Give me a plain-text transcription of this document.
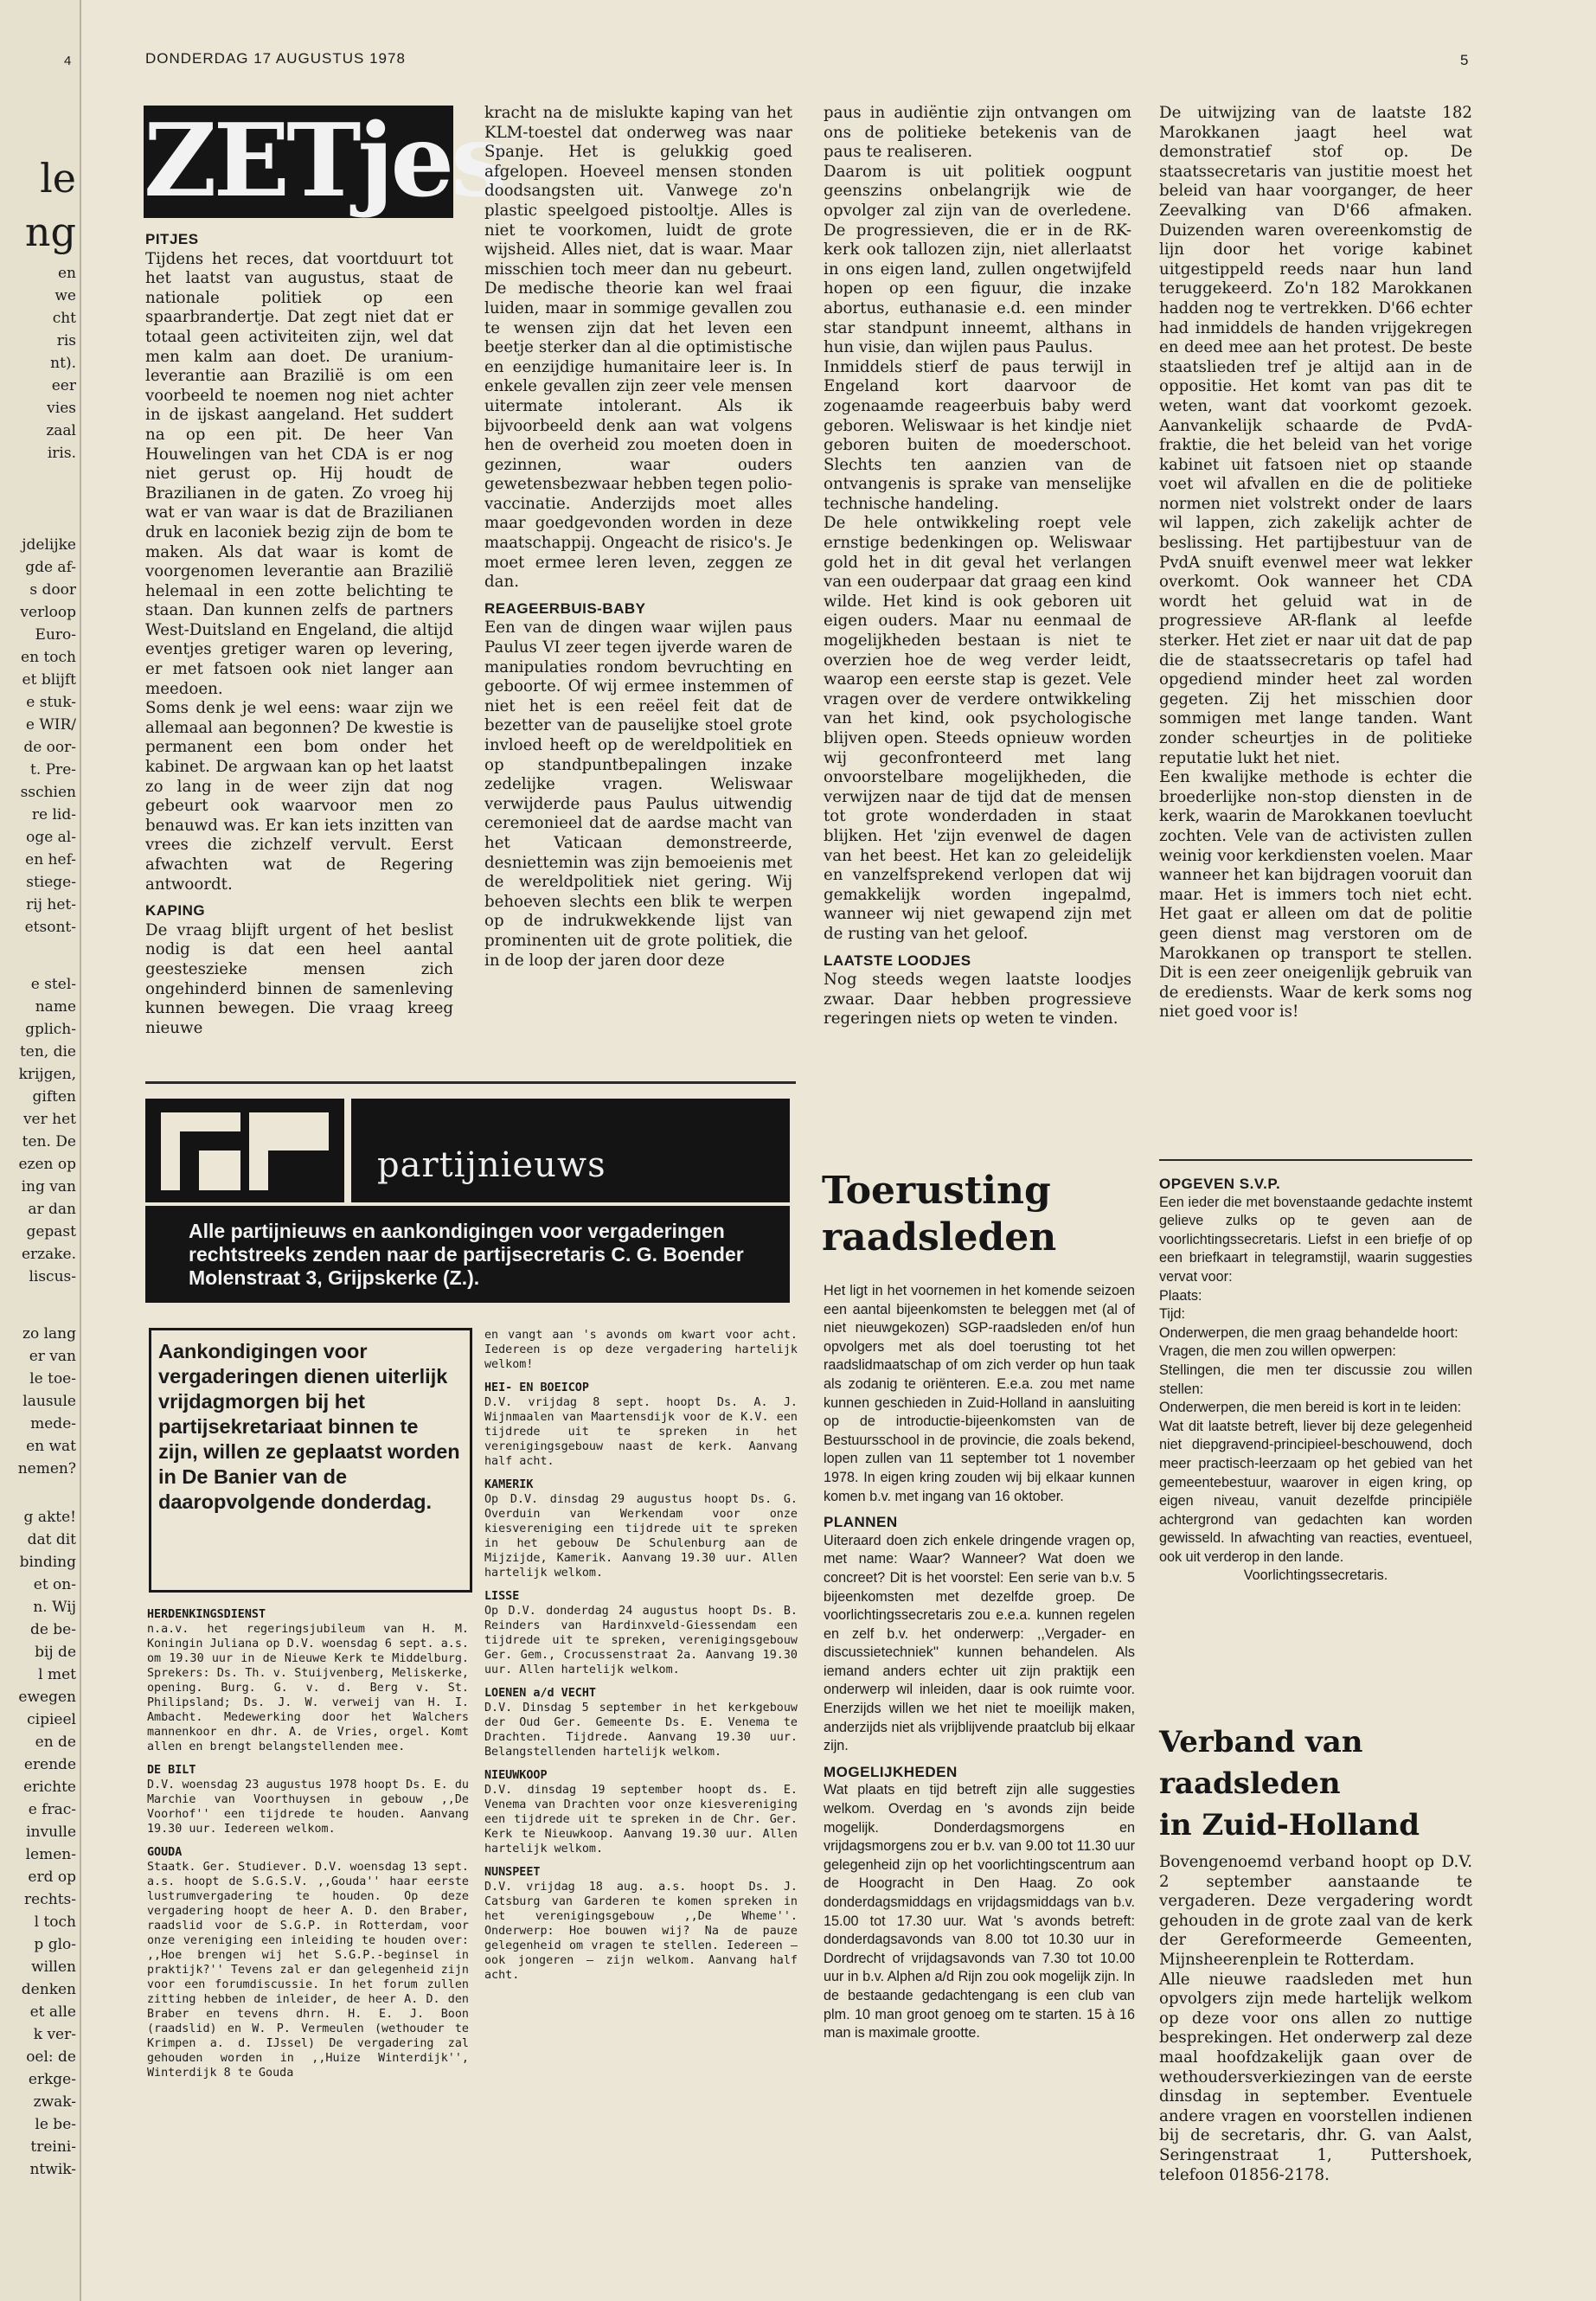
4
le
ng
en
we
cht
ris
nt).
eer
vies
zaal
iris.
jdelijke
gde af-
s door
verloop
Euro-
en toch
et blijft
e stuk-
e WIR/
de oor-
t. Pre-
sschien
re lid-
oge al-
en hef-
stiege-
rij het-
etsont-
e stel-
name
gplich-
ten, die
krijgen,
giften
ver het
ten. De
ezen op
ing van
ar dan
gepast
erzake.
liscus-
zo lang
er van
le toe-
lausule
mede-
en wat
nemen?
g akte!
dat dit
binding
et on-
n. Wij
de be-
bij de
l met
ewegen
cipieel
en de
erende
erichte
e frac-
invulle
lemen-
erd op
rechts-
l toch
p glo-
willen
denken
et alle
k ver-
oel: de
erkge-
zwak-
le be-
treini-
ntwik-
DONDERDAG 17 AUGUSTUS 1978	5
ZETjes
PITJES

Tijdens het reces, dat voortduurt tot het laatst van augustus, staat de nationale politiek op een spaarbrandertje. Dat zegt niet dat er totaal geen activiteiten zijn, wel dat men kalm aan doet. De uranium-leverantie aan Brazilië is om een voorbeeld te noemen nog niet achter in de ijskast aangeland. Het suddert na op een pit. De heer Van Houwelingen van het CDA is er nog niet gerust op. Hij houdt de Brazilianen in de gaten. Zo vroeg hij wat er van waar is dat de Brazilianen druk en laconiek bezig zijn de bom te maken. Als dat waar is komt de voorgenomen leverantie aan Brazilië helemaal in een zotte belichting te staan. Dan kunnen zelfs de partners West-Duitsland en Engeland, die altijd eventjes gretiger waren op levering, er met fatsoen ook niet langer aan meedoen.

Soms denk je wel eens: waar zijn we allemaal aan begonnen? De kwestie is permanent een bom onder het kabinet. De argwaan kan op het laatst zo lang in de weer zijn dat nog gebeurt ook waarvoor men zo benauwd was. Er kan iets inzitten van vrees die zichzelf vervult. Eerst afwachten wat de Regering antwoordt.

KAPING

De vraag blijft urgent of het beslist nodig is dat een heel aantal geesteszieke mensen zich ongehinderd binnen de samenleving kunnen bewegen. Die vraag kreeg nieuwe

kracht na de mislukte kaping van het KLM-toestel dat onderweg was naar Spanje. Het is gelukkig goed afgelopen. Hoeveel mensen stonden doodsangsten uit. Vanwege zo'n plastic speelgoed pistooltje. Alles is niet te voorkomen, luidt de grote wijsheid. Alles niet, dat is waar. Maar misschien toch meer dan nu gebeurt. De medische theorie kan wel fraai luiden, maar in sommige gevallen zou te wensen zijn dat het leven een beetje sterker dan al die optimistische en eenzijdige humanitaire leer is. In enkele gevallen zijn zeer vele mensen uitermate intolerant. Als ik bijvoorbeeld denk aan wat volgens hen de overheid zou moeten doen in gezinnen, waar ouders gewetensbezwaar hebben tegen polio-vaccinatie. Anderzijds moet alles maar goedgevonden worden in deze maatschappij. Ongeacht de risico's. Je moet ermee leren leven, zeggen ze dan.

REAGEERBUIS-BABY

Een van de dingen waar wijlen paus Paulus VI zeer tegen ijverde waren de manipulaties rondom bevruchting en geboorte. Of wij ermee instemmen of niet het is een reëel feit dat de bezetter van de pauselijke stoel grote invloed heeft op de wereldpolitiek en op standpuntbepalingen inzake zedelijke vragen. Weliswaar verwijderde paus Paulus uitwendig ceremonieel dat de aardse macht van het Vaticaan demonstreerde, desniettemin was zijn bemoeienis met de wereldpolitiek niet gering. Wij behoeven slechts een blik te werpen op de indrukwekkende lijst van prominenten uit de grote politiek, die in de loop der jaren door deze

paus in audiëntie zijn ontvangen om ons de politieke betekenis van de paus te realiseren.

Daarom is uit politiek oogpunt geenszins onbelangrijk wie de opvolger zal zijn van de overledene. De progressieven, die er in de RK-kerk ook tallozen zijn, niet allerlaatst in ons eigen land, zullen ongetwijfeld hopen op een figuur, die inzake abortus, euthanasie e.d. een minder star standpunt inneemt, althans in hun visie, dan wijlen paus Paulus.

Inmiddels stierf de paus terwijl in Engeland kort daarvoor de zogenaamde reageerbuis baby werd geboren. Weliswaar is het kindje niet geboren buiten de moederschoot. Slechts ten aanzien van de ontvangenis is sprake van menselijke technische handeling.

De hele ontwikkeling roept vele ernstige bedenkingen op. Weliswaar gold het in dit geval het verlangen van een ouderpaar dat graag een kind wilde. Het kind is ook geboren uit eigen ouders. Maar nu eenmaal de mogelijkheden bestaan is niet te overzien hoe de weg verder leidt, waarop een eerste stap is gezet. Vele vragen over de verdere ontwikkeling van het kind, ook psychologische blijven open. Steeds opnieuw worden wij geconfronteerd met lang onvoorstelbare mogelijkheden, die verwijzen naar de tijd dat de mensen tot grote wonderdaden in staat blijken. Het 'zijn evenwel de dagen van het beest. Het kan zo geleidelijk en vanzelfsprekend verlopen dat wij gemakkelijk worden ingepalmd, wanneer wij niet gewapend zijn met de rusting van het geloof.

LAATSTE LOODJES

Nog steeds wegen laatste loodjes zwaar. Daar hebben progressieve regeringen niets op weten te vinden.

De uitwijzing van de laatste 182 Marokkanen jaagt heel wat demonstratief stof op. De staatssecretaris van justitie moest het beleid van haar voorganger, de heer Zeevalking van D'66 afmaken. Duizenden waren overeenkomstig de lijn door het vorige kabinet uitgestippeld reeds naar hun land teruggekeerd. Zo'n 182 Marokkanen hadden nog te vertrekken. D'66 echter had inmiddels de handen vrijgekregen en deed mee aan het protest. De beste staatslieden tref je altijd aan in de oppositie. Het komt van pas dit te weten, want dat voorkomt gezoek. Aanvankelijk schaarde de PvdA-fraktie, die het beleid van het vorige kabinet uit fatsoen niet op staande voet wil afvallen en die de politieke normen niet volstrekt onder de laars wil lappen, zich zakelijk achter de beslissing. Het partijbestuur van de PvdA snuift evenwel meer wat lekker overkomt. Ook wanneer het CDA wordt het geluid wat in de progressieve AR-flank al leefde sterker. Het ziet er naar uit dat de pap die de staatssecretaris op tafel had opgediend minder heet zal worden gegeten. Zij het misschien door sommigen met lange tanden. Want zonder scheurtjes in de politieke reputatie lukt het niet.

Een kwalijke methode is echter die broederlijke non-stop diensten in de kerk, waarin de Marokkanen toevlucht zochten. Vele van de activisten zullen weinig voor kerkdiensten voelen. Maar wanneer het kan bijdragen vooruit dan maar. Het is immers toch niet echt. Het gaat er alleen om dat de politie geen dienst mag verstoren om de Marokkanen op transport te stellen. Dit is een zeer oneigenlijk gebruik van de erediensts. Waar de kerk soms nog niet goed voor is!

partijnieuws
Alle partijnieuws en aankondigingen voor vergaderingen rechtstreeks zenden naar de partijsecretaris C. G. Boender Molenstraat 3, Grijpskerke (Z.).
Aankondigingen voor vergaderingen dienen uiterlijk vrijdagmorgen bij het partijsekretariaat binnen te zijn, willen ze geplaatst worden in De Banier van de daaropvolgende donderdag.
HERDENKINGSDIENST

n.a.v. het regeringsjubileum van H. M. Koningin Juliana op D.V. woensdag 6 sept. a.s. om 19.30 uur in de Nieuwe Kerk te Middelburg. Sprekers: Ds. Th. v. Stuijvenberg, Meliskerke, opening. Burg. G. v. d. Berg v. St. Philipsland; Ds. J. W. verweij van H. I. Ambacht. Medewerking door het Walchers mannenkoor en dhr. A. de Vries, orgel. Komt allen en brengt belangstellenden mee.

DE BILT

D.V. woensdag 23 augustus 1978 hoopt Ds. E. du Marchie van Voorthuysen in gebouw ,,De Voorhof'' een tijdrede te houden. Aanvang 19.30 uur. Iedereen welkom.

GOUDA

Staatk. Ger. Studiever. D.V. woensdag 13 sept. a.s. hoopt de S.G.S.V. ,,Gouda'' haar eerste lustrumvergadering te houden. Op deze vergadering hoopt de heer A. D. den Braber, raadslid voor de S.G.P. in Rotterdam, voor onze vereniging een inleiding te houden over: ,,Hoe brengen wij het S.G.P.-beginsel in praktijk?'' Tevens zal er dan gelegenheid zijn voor een forumdiscussie. In het forum zullen zitting hebben de inleider, de heer A. D. den Braber en tevens dhrn. H. E. J. Boon (raadslid) en W. P. Vermeulen (wethouder te Krimpen a. d. IJssel) De vergadering zal gehouden worden in ,,Huize Winterdijk'', Winterdijk 8 te Gouda

en vangt aan 's avonds om kwart voor acht. Iedereen is op deze vergadering hartelijk welkom!

HEI- EN BOEICOP

D.V. vrijdag 8 sept. hoopt Ds. A. J. Wijnmaalen van Maartensdijk voor de K.V. een tijdrede uit te spreken in het verenigingsgebouw naast de kerk. Aanvang half acht.

KAMERIK

Op D.V. dinsdag 29 augustus hoopt Ds. G. Overduin van Werkendam voor onze kiesvereniging een tijdrede uit te spreken in het gebouw De Schulenburg aan de Mijzijde, Kamerik. Aanvang 19.30 uur. Allen hartelijk welkom.

LISSE

Op D.V. donderdag 24 augustus hoopt Ds. B. Reinders van Hardinxveld-Giessendam een tijdrede uit te spreken, verenigingsgebouw Ger. Gem., Crocussenstraat 2a. Aanvang 19.30 uur. Allen hartelijk welkom.

LOENEN a/d VECHT

D.V. Dinsdag 5 september in het kerkgebouw der Oud Ger. Gemeente Ds. E. Venema te Drachten. Tijdrede. Aanvang 19.30 uur. Belangstellenden hartelijk welkom.

NIEUWKOOP

D.V. dinsdag 19 september hoopt ds. E. Venema van Drachten voor onze kiesvereniging een tijdrede uit te spreken in de Chr. Ger. Kerk te Nieuwkoop. Aanvang 19.30 uur. Allen hartelijk welkom.

NUNSPEET

D.V. vrijdag 18 aug. a.s. hoopt Ds. J. Catsburg van Garderen te komen spreken in het verenigingsgebouw ,,De Wheme''. Onderwerp: Hoe bouwen wij? Na de pauze gelegenheid om vragen te stellen. Iedereen – ook jongeren – zijn welkom. Aanvang half acht.

Toerusting
raadsleden

Het ligt in het voornemen in het komende seizoen een aantal bijeenkomsten te beleggen met (al of niet nieuwgekozen) SGP-raadsleden en/of hun opvolgers met als doel toerusting tot het raadslidmaatschap of om zich verder op hun taak als zodanig te oriënteren. E.e.a. zou met name kunnen geschieden in Zuid-Holland in aansluiting op de introductie-bijeenkomsten van de Bestuursschool in de provincie, die zoals bekend, lopen zullen van 11 september tot 1 november 1978. In eigen kring zouden wij bij elkaar kunnen komen b.v. met ingang van 16 oktober.

PLANNEN

Uiteraard doen zich enkele dringende vragen op, met name: Waar? Wanneer? Wat doen we concreet? Dit is het voorstel: Een serie van b.v. 5 bijeenkomsten met dezelfde groep. De voorlichtingssecretaris zou e.e.a. kunnen regelen en zelf b.v. het onderwerp: ,,Vergader- en discussietechniek'' kunnen behandelen. Als iemand anders echter uit zijn praktijk een onderwerp wil inleiden, daar is ook ruimte voor. Enerzijds willen we het niet te moeilijk maken, anderzijds niet als vrijblijvende praatclub bij elkaar zijn.

MOGELIJKHEDEN

Wat plaats en tijd betreft zijn alle suggesties welkom. Overdag en 's avonds zijn beide mogelijk. Donderdagsmorgens en vrijdagsmorgens zou er b.v. van 9.00 tot 11.30 uur gelegenheid zijn op het voorlichtingscentrum aan de Hoogracht in Den Haag. Zo ook donderdagsmiddags en vrijdagsmiddags van b.v. 15.00 tot 17.30 uur. Wat 's avonds betreft: donderdagsavonds van 8.00 tot 10.30 uur in Dordrecht of vrijdagsavonds van 7.30 tot 10.00 uur in b.v. Alphen a/d Rijn zou ook mogelijk zijn. In de bestaande gedachtengang is een club van plm. 10 man groot genoeg om te starten. 15 à 16 man is maximale grootte.

OPGEVEN S.V.P.

Een ieder die met bovenstaande gedachte instemt gelieve zulks op te geven aan de voorlichtingssecretaris. Liefst in een briefje of op een briefkaart in telegramstijl, waarin suggesties vervat voor:

Plaats:

Tijd:

Onderwerpen, die men graag behandelde hoort:

Vragen, die men zou willen opwerpen:

Stellingen, die men ter discussie zou willen stellen:

Onderwerpen, die men bereid is kort in te leiden:

Wat dit laatste betreft, liever bij deze gelegenheid niet diepgravend-principieel-beschouwend, doch meer practisch-leerzaam op het gebied van het gemeentebestuur, waarover in eigen kring, op eigen niveau, vanuit dezelfde principiële achtergrond van gedachten kan worden gewisseld. In afwachting van reacties, eventueel, ook uit verderop in den lande.

Voorlichtingssecretaris.

Verband van
raadsleden
in Zuid-Holland

Bovengenoemd verband hoopt op D.V. 2 september aanstaande te vergaderen. Deze vergadering wordt gehouden in de grote zaal van de kerk der Gereformeerde Gemeenten, Mijnsheerenplein te Rotterdam.

Alle nieuwe raadsleden met hun opvolgers zijn mede hartelijk welkom op deze voor ons allen zo nuttige besprekingen. Het onderwerp zal deze maal hoofdzakelijk gaan over de wethoudersverkiezingen van de eerste dinsdag in september. Eventuele andere vragen en voorstellen indienen bij de secretaris, dhr. G. van Aalst, Seringenstraat 1, Puttershoek, telefoon 01856-2178.
